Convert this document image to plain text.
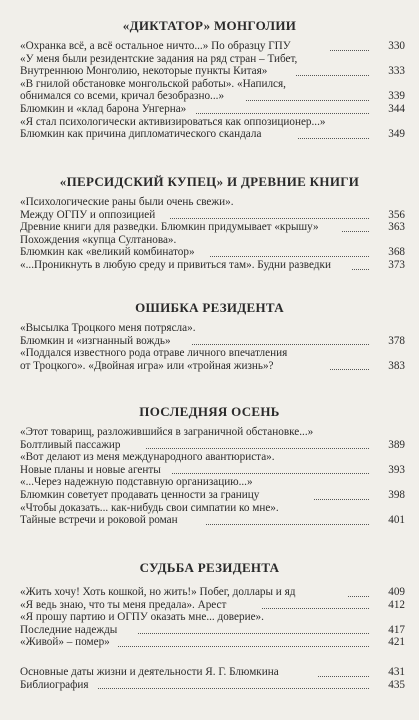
«ДИКТАТОР» МОНГОЛИИ
«Охранка всё, а всё остальное ничто...» По образцу ГПУ	330
«У меня были резидентские задания на ряд стран – Тибет,
Внутреннюю Монголию, некоторые пункты Китая»	333
«В гнилой обстановке монгольской работы». «Напился,
обнимался со всеми, кричал безобразно...»	339
Блюмкин и «клад барона Унгерна»	344
«Я стал психологически активизироваться как оппозиционер...»
Блюмкин как причина дипломатического скандала	349
«ПЕРСИДСКИЙ КУПЕЦ» И ДРЕВНИЕ КНИГИ
«Психологические раны были очень свежи».
Между ОГПУ и оппозицией	356
Древние книги для разведки. Блюмкин придумывает «крышу»	363
Похождения «купца Султанова».
Блюмкин как «великий комбинатор»	368
«...Проникнуть в любую среду и привиться там». Будни разведки	373
ОШИБКА РЕЗИДЕНТА
«Высылка Троцкого меня потрясла».
Блюмкин и «изгнанный вождь»	378
«Поддался известного рода отраве личного впечатления
от Троцкого». «Двойная игра» или «тройная жизнь»?	383
ПОСЛЕДНЯЯ ОСЕНЬ
«Этот товарищ, разложившийся в заграничной обстановке...»
Болтливый пассажир	389
«Вот делают из меня международного авантюриста».
Новые планы и новые агенты	393
«...Через надежную подставную организацию...»
Блюмкин советует продавать ценности за границу	398
«Чтобы доказать... как-нибудь свои симпатии ко мне».
Тайные встречи и роковой роман	401
СУДЬБА РЕЗИДЕНТА
«Жить хочу! Хоть кошкой, но жить!» Побег, доллары и яд	409
«Я ведь знаю, что ты меня предала». Арест	412
«Я прошу партию и ОГПУ оказать мне... доверие».
Последние надежды	417
«Живой» – помер»	421
Основные даты жизни и деятельности Я. Г. Блюмкина	431
Библиография	435
